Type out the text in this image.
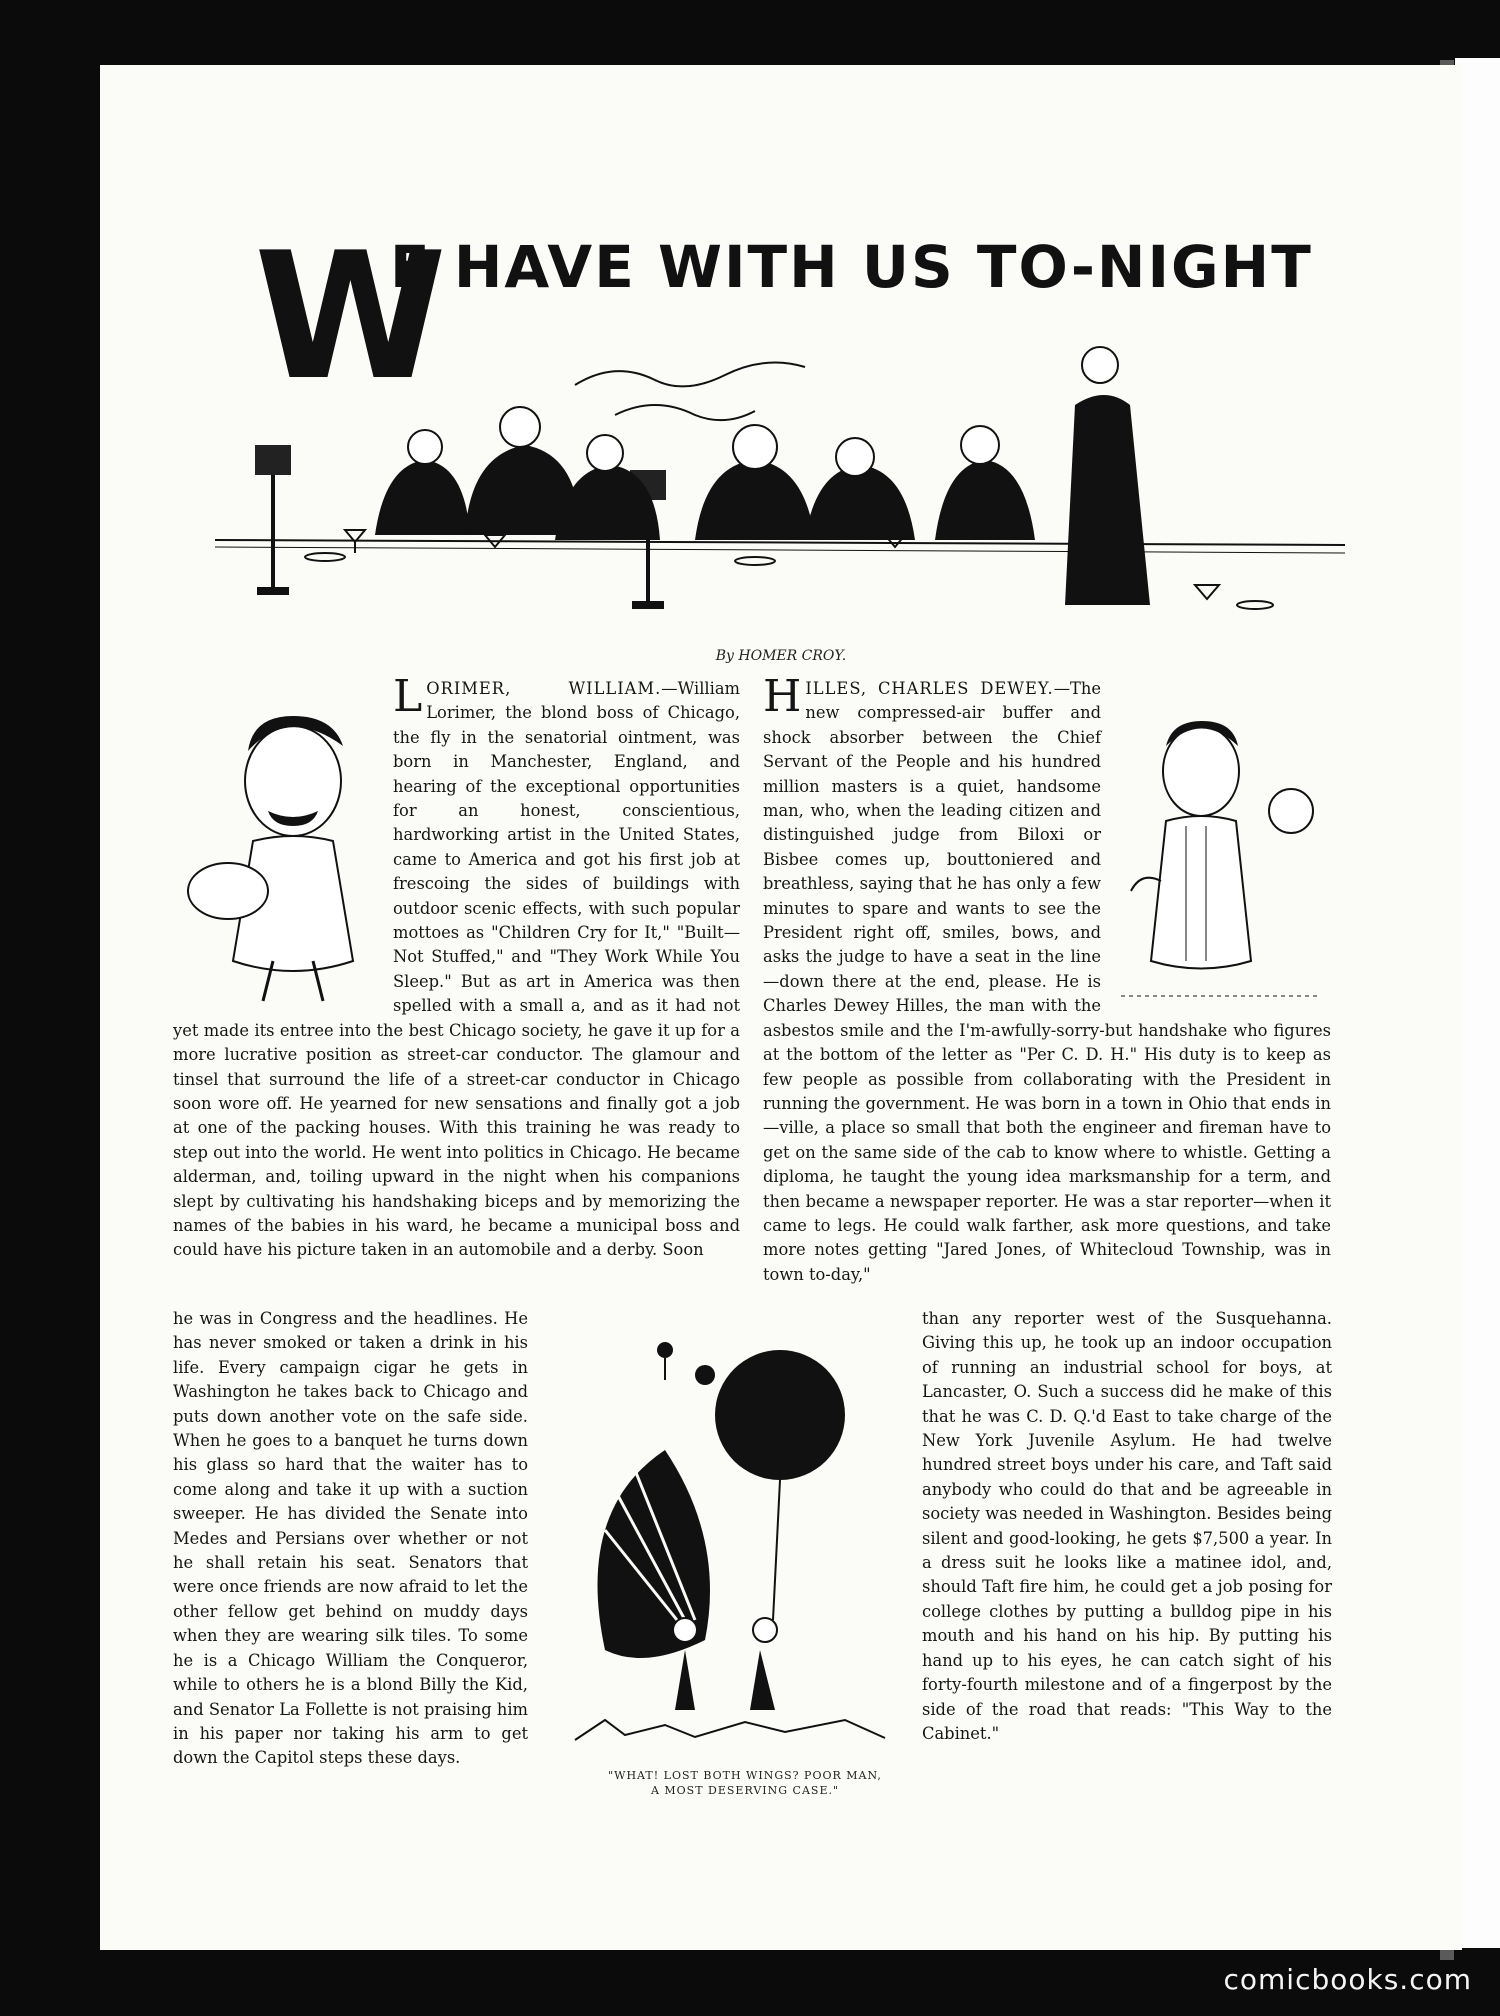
W
E HAVE WITH US TO-NIGHT
By HOMER CROY.

LORIMER, WILLIAM.—William Lorimer, the blond boss of Chicago, the fly in the senatorial ointment, was born in Manchester, England, and hearing of the exceptional opportunities for an honest, conscientious, hardworking artist in the United States, came to America and got his first job at frescoing the sides of buildings with outdoor scenic effects, with such popular mottoes as "Children Cry for It," "Built—Not Stuffed," and "They Work While You Sleep." But as art in America was then spelled with a small a, and as it had not yet made its entree into the best Chicago society, he gave it up for a more lucrative position as street-car conductor. The glamour and tinsel that surround the life of a street-car conductor in Chicago soon wore off. He yearned for new sensations and finally got a job at one of the packing houses. With this training he was ready to step out into the world. He went into politics in Chicago. He became alderman, and, toiling upward in the night when his companions slept by cultivating his handshaking biceps and by memorizing the names of the babies in his ward, he became a municipal boss and could have his picture taken in an automobile and a derby. Soon

he was in Congress and the headlines. He has never smoked or taken a drink in his life. Every campaign cigar he gets in Washington he takes back to Chicago and puts down another vote on the safe side. When he goes to a banquet he turns down his glass so hard that the waiter has to come along and take it up with a suction sweeper. He has divided the Senate into Medes and Persians over whether or not he shall retain his seat. Senators that were once friends are now afraid to let the other fellow get behind on muddy days when they are wearing silk tiles. To some he is a Chicago William the Conqueror, while to others he is a blond Billy the Kid, and Senator La Follette is not praising him in his paper nor taking his arm to get down the Capitol steps these days.

HILLES, CHARLES DEWEY.—The new compressed-air buffer and shock absorber between the Chief Servant of the People and his hundred million masters is a quiet, handsome man, who, when the leading citizen and distinguished judge from Biloxi or Bisbee comes up, bouttoniered and breathless, saying that he has only a few minutes to spare and wants to see the President right off, smiles, bows, and asks the judge to have a seat in the line—down there at the end, please. He is Charles Dewey Hilles, the man with the asbestos smile and the I'm-awfully-sorry-but handshake who figures at the bottom of the letter as "Per C. D. H." His duty is to keep as few people as possible from collaborating with the President in running the government. He was born in a town in Ohio that ends in —ville, a place so small that both the engineer and fireman have to get on the same side of the cab to know where to whistle. Getting a diploma, he taught the young idea marksmanship for a term, and then became a newspaper reporter. He was a star reporter—when it came to legs. He could walk farther, ask more questions, and take more notes getting "Jared Jones, of Whitecloud Township, was in town to-day,"

than any reporter west of the Susquehanna. Giving this up, he took up an indoor occupation of running an industrial school for boys, at Lancaster, O. Such a success did he make of this that he was C. D. Q.'d East to take charge of the New York Juvenile Asylum. He had twelve hundred street boys under his care, and Taft said anybody who could do that and be agreeable in society was needed in Washington. Besides being silent and good-looking, he gets $7,500 a year. In a dress suit he looks like a matinee idol, and, should Taft fire him, he could get a job posing for college clothes by putting a bulldog pipe in his mouth and his hand on his hip. By putting his hand up to his eyes, he can catch sight of his forty-fourth milestone and of a fingerpost by the side of the road that reads: "This Way to the Cabinet."

"WHAT! LOST BOTH WINGS? POOR MAN,
A MOST DESERVING CASE."
comicbooks.com
